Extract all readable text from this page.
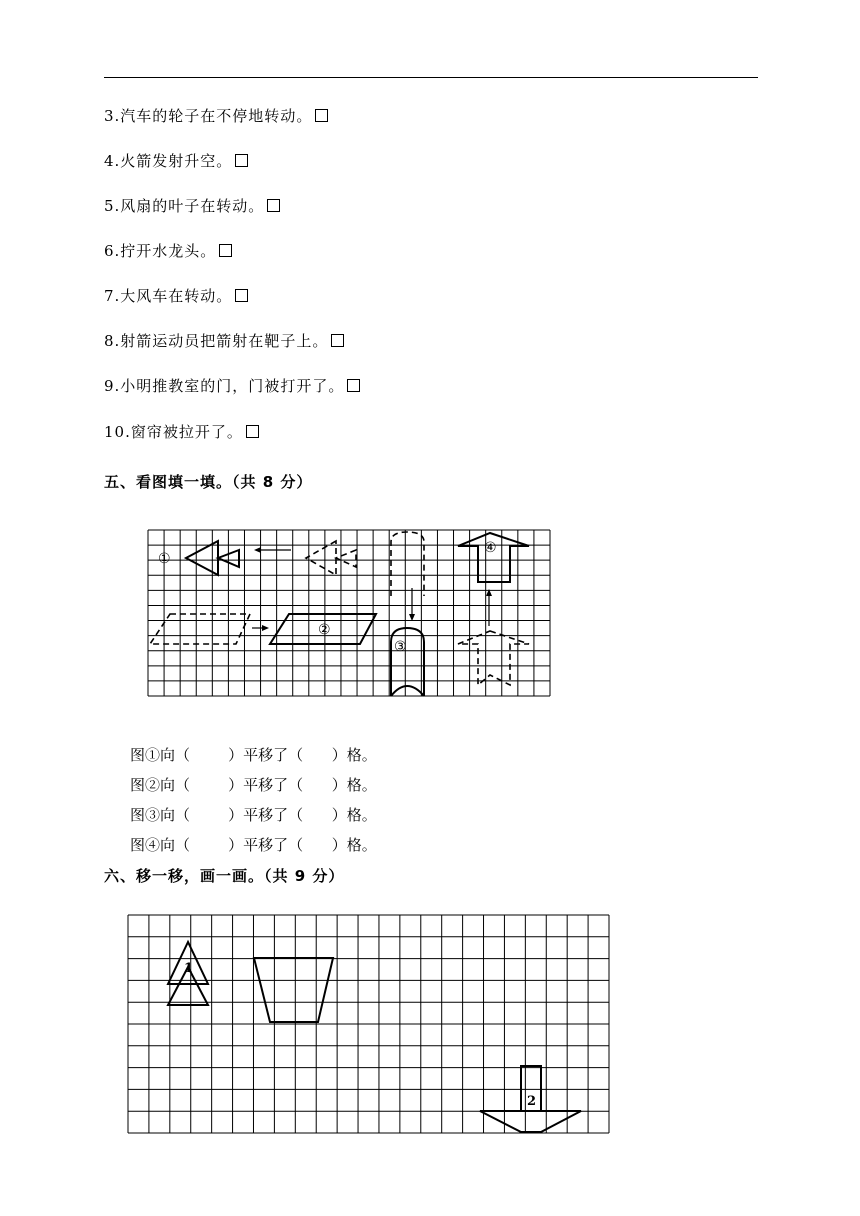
3.汽车的轮子在不停地转动。
4.火箭发射升空。
5.风扇的叶子在转动。
6.拧开水龙头。
7.大风车在转动。
8.射箭运动员把箭射在靶子上。
9.小明推教室的门，门被打开了。
10.窗帘被拉开了。
五、看图填一填。（共 8 分）
①
②
③
④
图①向（	）平移了（ ）格。
图②向（	）平移了（ ）格。
图③向（	）平移了（ ）格。
图④向（	）平移了（ ）格。
六、移一移，画一画。（共 9 分）
1
2
